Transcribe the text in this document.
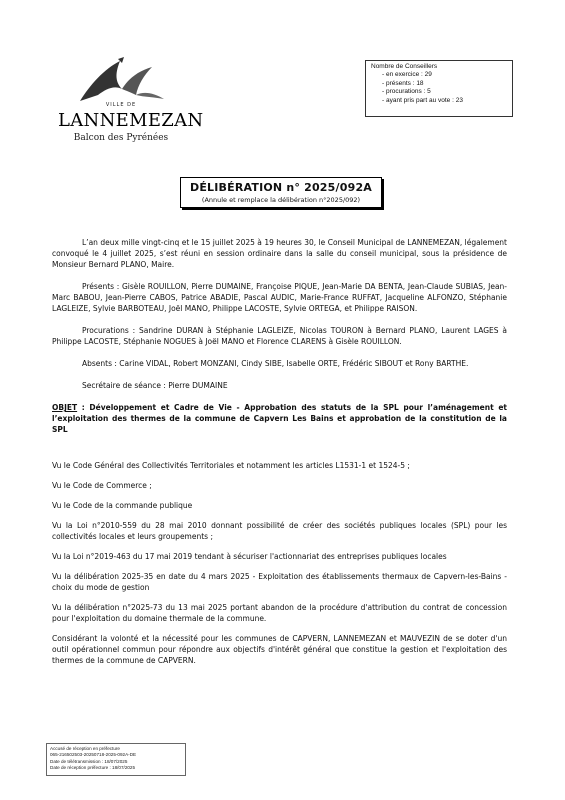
VILLE DE
LANNEMEZAN
Balcon des Pyrénées
Nombre de Conseillers
- en exercice : 29
- présents : 18
- procurations : 5
- ayant pris part au vote : 23
DÉLIBÉRATION n° 2025/092A
(Annule et remplace la délibération n°2025/092)

L’an deux mille vingt-cinq et le 15 juillet 2025 à 19 heures 30, le Conseil Municipal de LANNEMEZAN, légalement convoqué le 4 juillet 2025, s’est réuni en session ordinaire dans la salle du conseil municipal, sous la présidence de Monsieur Bernard PLANO, Maire.

Présents : Gisèle ROUILLON, Pierre DUMAINE, Françoise PIQUE, Jean-Marie DA BENTA, Jean-Claude SUBIAS, Jean-Marc BABOU, Jean-Pierre CABOS, Patrice ABADIE, Pascal AUDIC, Marie-France RUFFAT, Jacqueline ALFONZO, Stéphanie LAGLEIZE, Sylvie BARBOTEAU, Joël MANO, Philippe LACOSTE, Sylvie ORTEGA, et Philippe RAISON.

Procurations : Sandrine DURAN à Stéphanie LAGLEIZE, Nicolas TOURON à Bernard PLANO, Laurent LAGES à Philippe LACOSTE, Stéphanie NOGUES à Joël MANO et Florence CLARENS à Gisèle ROUILLON.

Absents : Carine VIDAL, Robert MONZANI, Cindy SIBE, Isabelle ORTE, Frédéric SIBOUT et Rony BARTHE.

Secrétaire de séance : Pierre DUMAINE

OBJET : Développement et Cadre de Vie - Approbation des statuts de la SPL pour l’aménagement et l’exploitation des thermes de la commune de Capvern Les Bains et approbation de la constitution de la SPL

Vu le Code Général des Collectivités Territoriales et notamment les articles L1531-1 et 1524-5 ;

Vu le Code de Commerce ;

Vu le Code de la commande publique

Vu la Loi n°2010-559 du 28 mai 2010 donnant possibilité de créer des sociétés publiques locales (SPL) pour les collectivités locales et leurs groupements ;

Vu la Loi n°2019-463 du 17 mai 2019 tendant à sécuriser l'actionnariat des entreprises publiques locales

Vu la délibération 2025-35 en date du 4 mars 2025 - Exploitation des établissements thermaux de Capvern-les-Bains - choix du mode de gestion

Vu la délibération n°2025-73 du 13 mai 2025 portant abandon de la procédure d'attribution du contrat de concession pour l'exploitation du domaine thermale de la commune.

Considérant la volonté et la nécessité pour les communes de CAPVERN, LANNEMEZAN et MAUVEZIN de se doter d'un outil opérationnel commun pour répondre aux objectifs d'intérêt général que constitue la gestion et l'exploitation des thermes de la commune de CAPVERN.

Accusé de réception en préfecture
065-216502503-20250718-2025-092A-DE
Date de télétransmission : 18/07/2025
Date de réception préfecture : 18/07/2025
